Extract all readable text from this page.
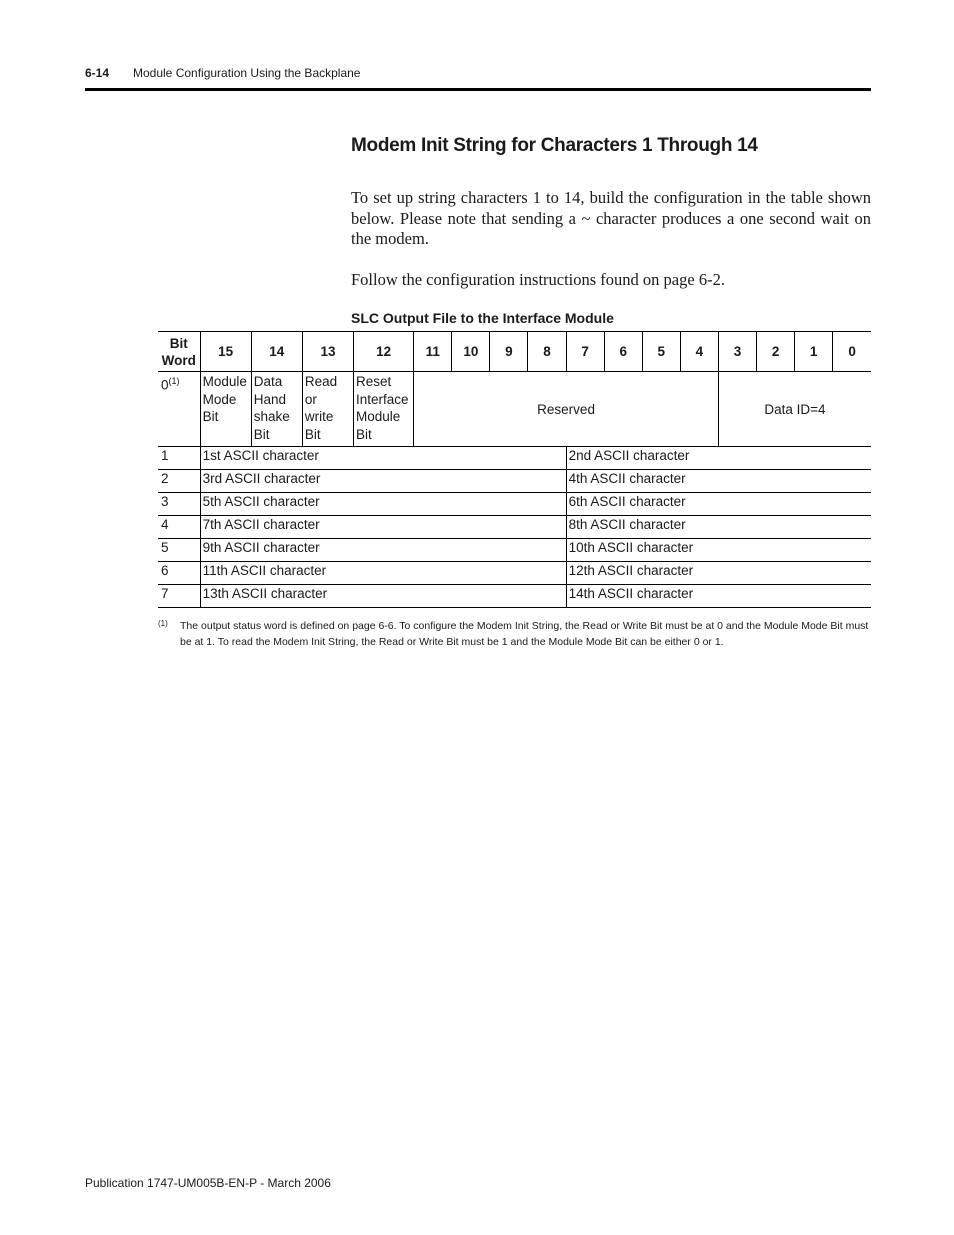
6-14 Module Configuration Using the Backplane
Modem Init String for Characters 1 Through 14
To set up string characters 1 to 14, build the configuration in the table shown below. Please note that sending a ~ character produces a one second wait on the modem.
Follow the configuration instructions found on page 6-2.
SLC Output File to the Interface Module
Bit
Word	15	14	13	12	11	10	9	8	7	6	5	4	3	2	1	0
0$^{(1)}$	Module
Mode
Bit	Data
Hand
shake
Bit	Read or
write
Bit	Reset
Interface
Module
Bit	Reserved								Data ID=4			
1	1st ASCII character								2nd ASCII character							
2	3rd ASCII character								4th ASCII character							
3	5th ASCII character								6th ASCII character							
4	7th ASCII character								8th ASCII character							
5	9th ASCII character								10th ASCII character							
6	11th ASCII character								12th ASCII character							
7	13th ASCII character								14th ASCII character							
(1) The output status word is defined on page 6-6. To configure the Modem Init String, the Read or Write Bit must be at 0 and the Module Mode Bit must be at 1. To read the Modem Init String, the Read or Write Bit must be 1 and the Module Mode Bit can be either 0 or 1.
Publication 1747-UM005B-EN-P - March 2006
